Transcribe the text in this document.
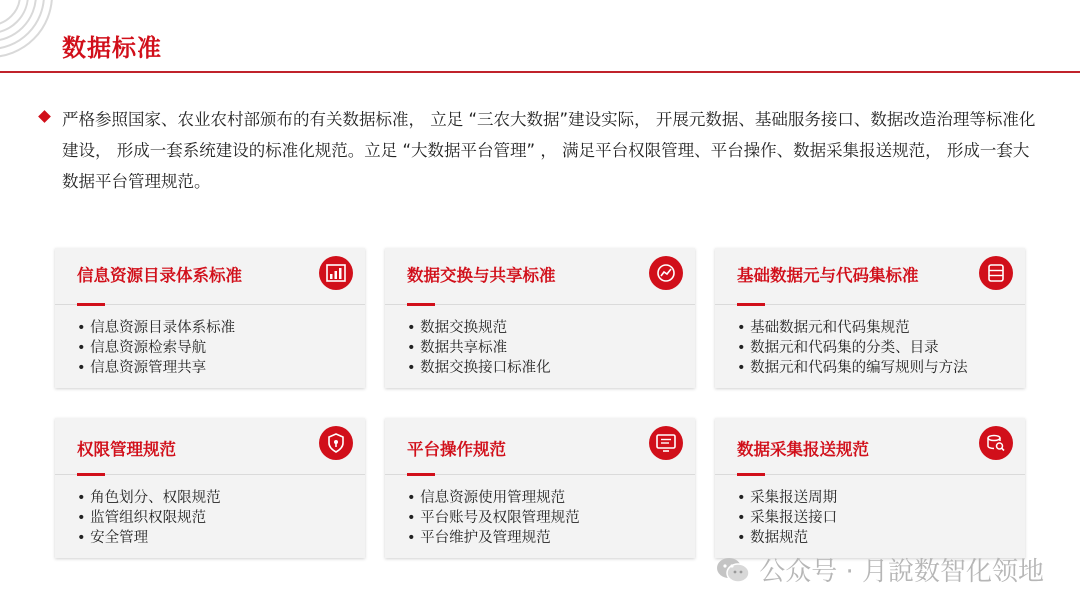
数据标准
严格参照国家、农业农村部颁布的有关数据标准， 立足 “三农大数据”建设实际， 开展元数据、基础服务接口、数据改造治理等标准化建设， 形成一套系统建设的标准化规范。立足 “大数据平台管理” ， 满足平台权限管理、平台操作、数据采集报送规范， 形成一套大数据平台管理规范。
信息资源目录体系标准
• 信息资源目录体系标准
• 信息资源检索导航
• 信息资源管理共享
数据交换与共享标准
• 数据交换规范
• 数据共享标准
• 数据交换接口标准化
基础数据元与代码集标准
• 基础数据元和代码集规范
• 数据元和代码集的分类、目录
• 数据元和代码集的编写规则与方法
权限管理规范
• 角色划分、权限规范
• 监管组织权限规范
• 安全管理
平台操作规范
• 信息资源使用管理规范
• 平台账号及权限管理规范
• 平台维护及管理规范
数据采集报送规范
• 采集报送周期
• 采集报送接口
• 数据规范
公众号 · 月說数智化领地
